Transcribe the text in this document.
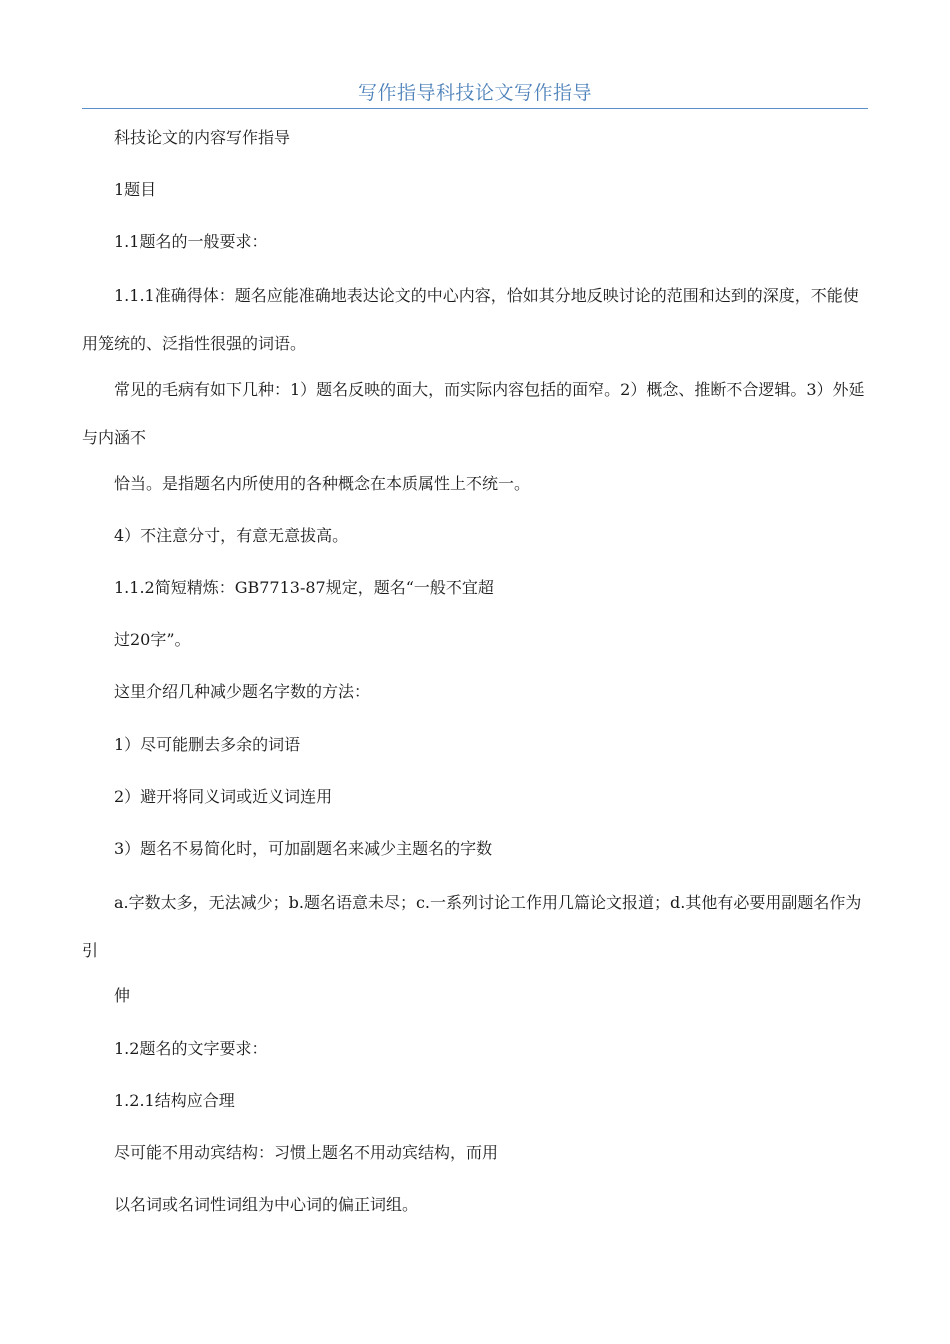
写作指导科技论文写作指导
科技论文的内容写作指导
1题目
1.1题名的一般要求：
1.1.1准确得体：题名应能准确地表达论文的中心内容，恰如其分地反映讨论的范围和达到的深度，不能使用笼统的、泛指性很强的词语。
常见的毛病有如下几种：1）题名反映的面大，而实际内容包括的面窄。2）概念、推断不合逻辑。3）外延与内涵不
恰当。是指题名内所使用的各种概念在本质属性上不统一。
4）不注意分寸，有意无意拔高。
1.1.2简短精炼：GB7713-87规定，题名“一般不宜超
过20字”。
这里介绍几种减少题名字数的方法：
1）尽可能删去多余的词语
2）避开将同义词或近义词连用
3）题名不易简化时，可加副题名来减少主题名的字数
a.字数太多，无法减少；b.题名语意未尽；c.一系列讨论工作用几篇论文报道；d.其他有必要用副题名作为引
伸
1.2题名的文字要求：
1.2.1结构应合理
尽可能不用动宾结构：习惯上题名不用动宾结构，而用
以名词或名词性词组为中心词的偏正词组。
